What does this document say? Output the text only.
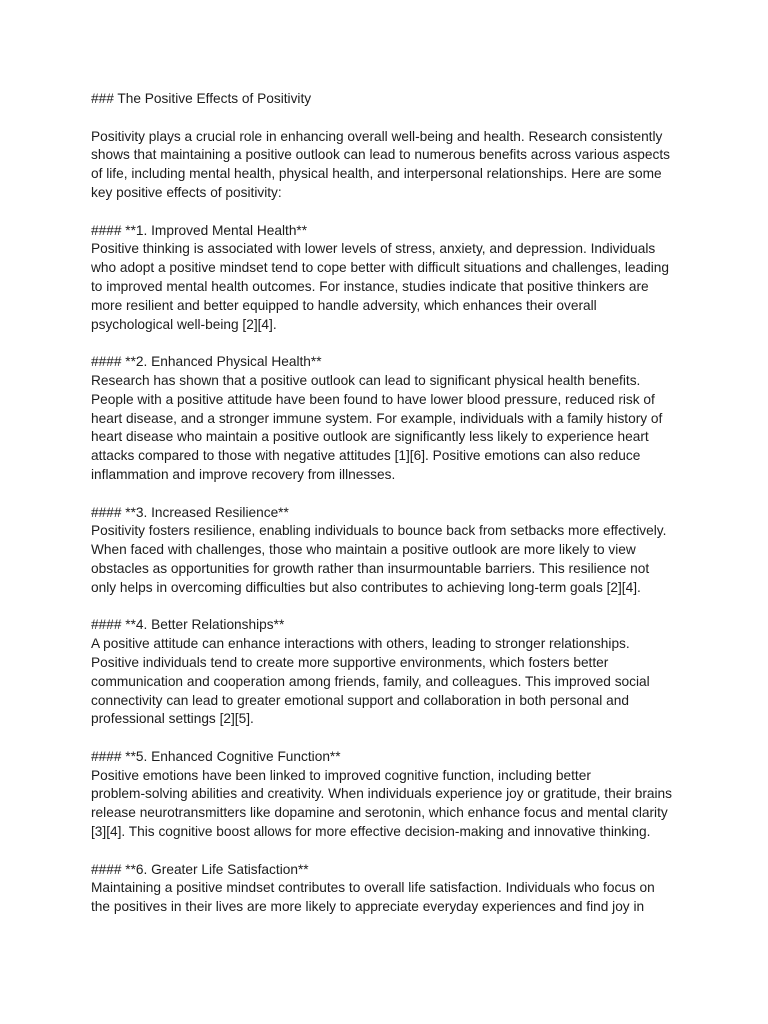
### The Positive Effects of Positivity
Positivity plays a crucial role in enhancing overall well-being and health. Research consistently
shows that maintaining a positive outlook can lead to numerous benefits across various aspects
of life, including mental health, physical health, and interpersonal relationships. Here are some
key positive effects of positivity:
#### **1. Improved Mental Health**
Positive thinking is associated with lower levels of stress, anxiety, and depression. Individuals
who adopt a positive mindset tend to cope better with difficult situations and challenges, leading
to improved mental health outcomes. For instance, studies indicate that positive thinkers are
more resilient and better equipped to handle adversity, which enhances their overall
psychological well-being [2][4].
#### **2. Enhanced Physical Health**
Research has shown that a positive outlook can lead to significant physical health benefits.
People with a positive attitude have been found to have lower blood pressure, reduced risk of
heart disease, and a stronger immune system. For example, individuals with a family history of
heart disease who maintain a positive outlook are significantly less likely to experience heart
attacks compared to those with negative attitudes [1][6]. Positive emotions can also reduce
inflammation and improve recovery from illnesses.
#### **3. Increased Resilience**
Positivity fosters resilience, enabling individuals to bounce back from setbacks more effectively.
When faced with challenges, those who maintain a positive outlook are more likely to view
obstacles as opportunities for growth rather than insurmountable barriers. This resilience not
only helps in overcoming difficulties but also contributes to achieving long-term goals [2][4].
#### **4. Better Relationships**
A positive attitude can enhance interactions with others, leading to stronger relationships.
Positive individuals tend to create more supportive environments, which fosters better
communication and cooperation among friends, family, and colleagues. This improved social
connectivity can lead to greater emotional support and collaboration in both personal and
professional settings [2][5].
#### **5. Enhanced Cognitive Function**
Positive emotions have been linked to improved cognitive function, including better
problem-solving abilities and creativity. When individuals experience joy or gratitude, their brains
release neurotransmitters like dopamine and serotonin, which enhance focus and mental clarity
[3][4]. This cognitive boost allows for more effective decision-making and innovative thinking.
#### **6. Greater Life Satisfaction**
Maintaining a positive mindset contributes to overall life satisfaction. Individuals who focus on
the positives in their lives are more likely to appreciate everyday experiences and find joy in
